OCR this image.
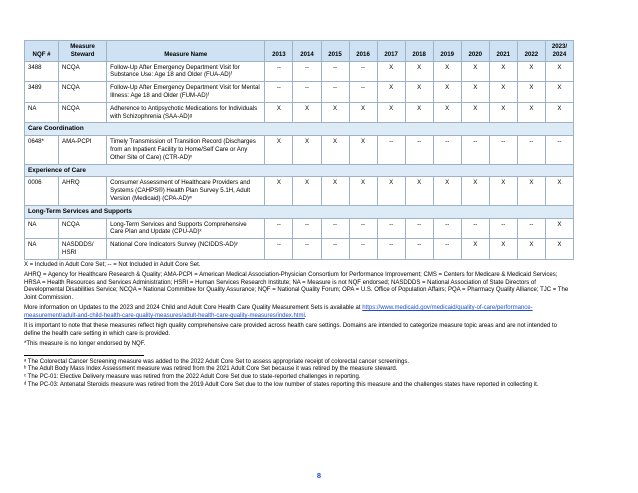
NQF #	Measure Steward	Measure Name	2013	2014	2015	2016	2017	2018	2019	2020	2021	2022	2023/ 2024
3488	NCQA	Follow-Up After Emergency Department Visit for Substance Use: Age 18 and Older (FUA-AD)ᶠ	--	--	--	--	X	X	X	X	X	X	X
3489	NCQA	Follow-Up After Emergency Department Visit for Mental Illness: Age 18 and Older (FUM-AD)ᶠ	--	--	--	--	X	X	X	X	X	X	X
NA	NCQA	Adherence to Antipsychotic Medications for Individuals with Schizophrenia (SAA-AD)ᵍ	X	X	X	X	X	X	X	X	X	X	X
Care Coordination													
0648*	AMA-PCPI	Timely Transmission of Transition Record (Discharges from an Inpatient Facility to Home/Self Care or Any Other Site of Care) (CTR-AD)ᵛ	X	X	X	X	--	--	--	--	--	--	--
Experience of Care													
0006	AHRQ	Consumer Assessment of Healthcare Providers and Systems (CAHPS®) Health Plan Survey 5.1H, Adult Version (Medicaid) (CPA-AD)ʷ	X	X	X	X	X	X	X	X	X	X	X
Long-Term Services and Supports													
NA	NCQA	Long-Term Services and Supports Comprehensive Care Plan and Update (CPU-AD)ˣ	--	--	--	--	--	--	--	--	--	--	X
NA	NASDDDS/ HSRI	National Core Indicators Survey (NCIDDS-AD)ʸ	--	--	--	--	--	--	--	X	X	X	X

X = Included in Adult Core Set; -- = Not Included in Adult Core Set.

AHRQ = Agency for Healthcare Research & Quality; AMA-PCPI = American Medical Association-Physician Consortium for Performance Improvement; CMS = Centers for Medicare & Medicaid Services; HRSA = Health Resources and Services Administration; HSRI = Human Services Research Institute; NA = Measure is not NQF endorsed; NASDDDS = National Association of State Directors of Developmental Disabilities Service; NCQA = National Committee for Quality Assurance; NQF = National Quality Forum; OPA = U.S. Office of Population Affairs; PQA = Pharmacy Quality Alliance; TJC = The Joint Commission.

More information on Updates to the 2023 and 2024 Child and Adult Core Health Care Quality Measurement Sets is available at https://www.medicaid.gov/medicaid/quality-of-care/performance-measurement/adult-and-child-health-care-quality-measures/adult-health-care-quality-measures/index.html.

It is important to note that these measures reflect high quality comprehensive care provided across health care settings. Domains are intended to categorize measure topic areas and are not intended to define the health care setting in which care is provided.

*This measure is no longer endorsed by NQF.

ᵃ The Colorectal Cancer Screening measure was added to the 2022 Adult Core Set to assess appropriate receipt of colorectal cancer screenings.

ᵇ The Adult Body Mass Index Assessment measure was retired from the 2021 Adult Core Set because it was retired by the measure steward.

ᶜ The PC-01: Elective Delivery measure was retired from the 2022 Adult Core Set due to state-reported challenges in reporting.

ᵈ The PC-03: Antenatal Steroids measure was retired from the 2019 Adult Core Set due to the low number of states reporting this measure and the challenges states have reported in collecting it.

8
